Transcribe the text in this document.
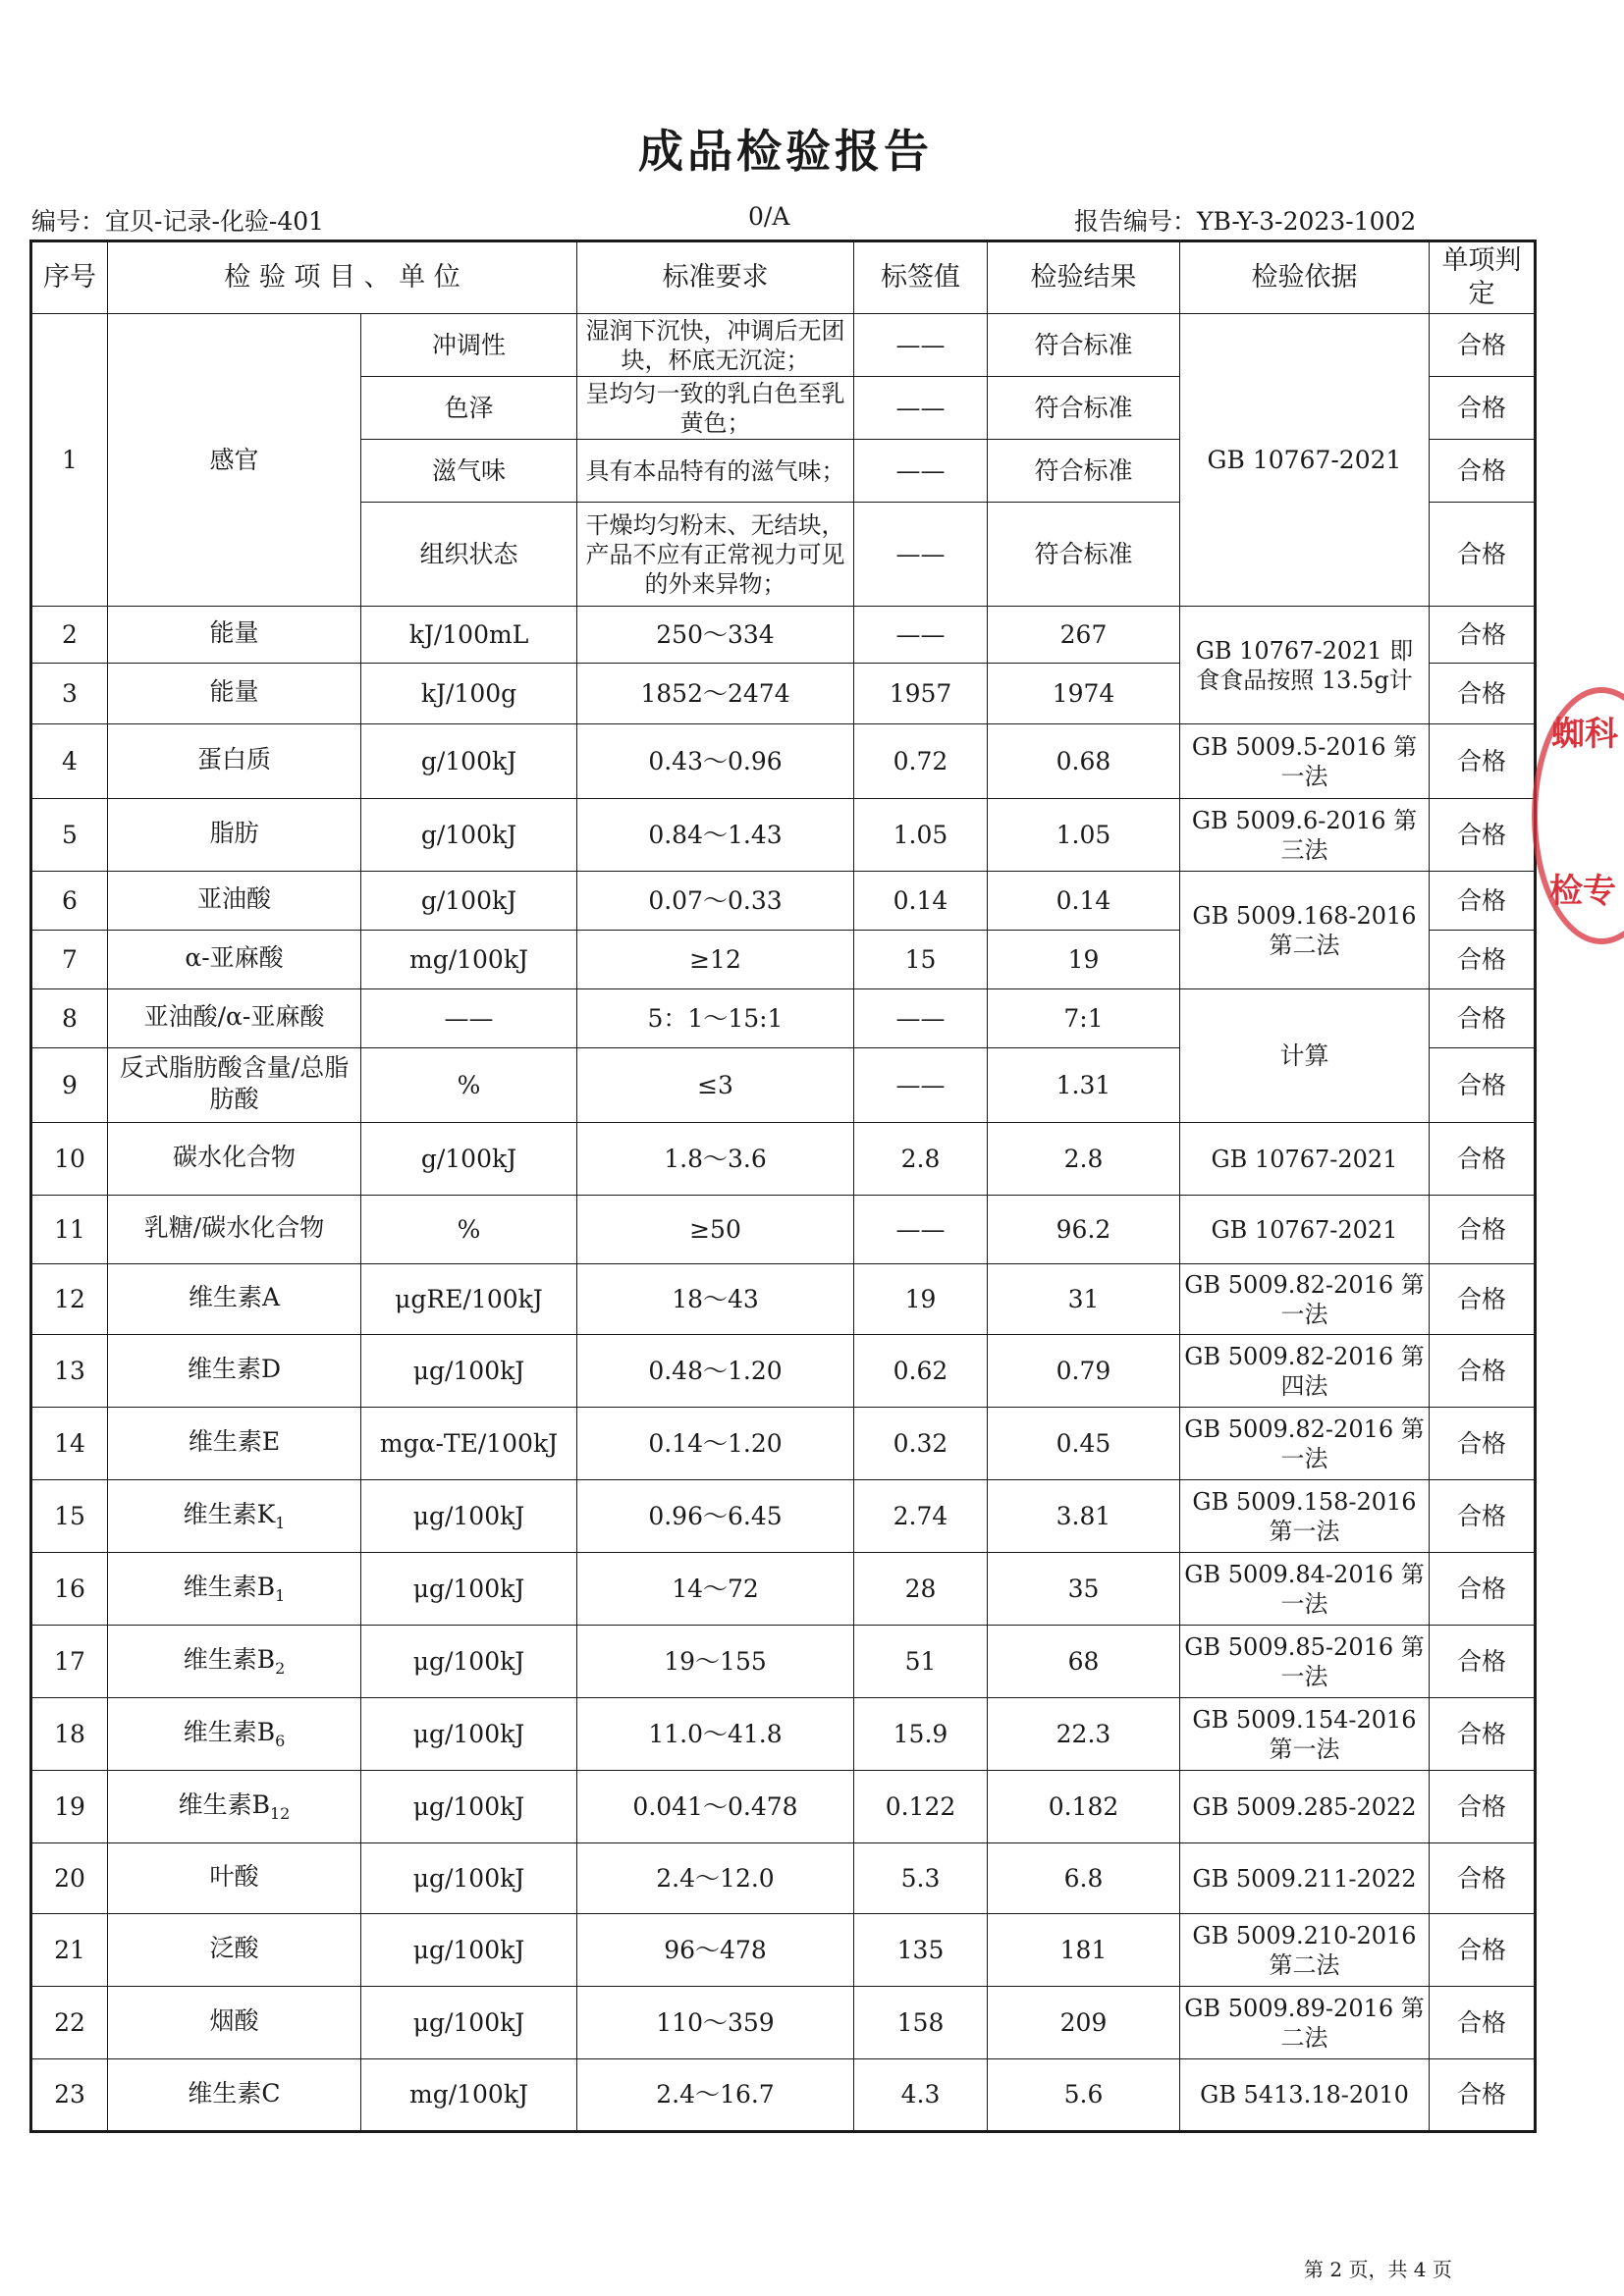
成品检验报告
编号：宜贝-记录-化验-401	0/A	报告编号：YB-Y-3-2023-1002
序号	检 验 项 目 、 单 位		标准要求	标签值	检验结果	检验依据	单项判定
1	感官	冲调性	湿润下沉快，冲调后无团块，杯底无沉淀；	——	符合标准	GB 10767-2021	合格
		色泽	呈均匀一致的乳白色至乳黄色；	——	符合标准		合格
		滋气味	具有本品特有的滋气味；	——	符合标准		合格
		组织状态	干燥均匀粉末、无结块，产品不应有正常视力可见的外来异物；	——	符合标准		合格
2	能量	kJ/100mL	250～334	——	267	GB 10767-2021 即食食品按照 13.5g计	合格
3	能量	kJ/100g	1852～2474	1957	1974		合格
4	蛋白质	g/100kJ	0.43～0.96	0.72	0.68	GB 5009.5-2016 第一法	合格
5	脂肪	g/100kJ	0.84～1.43	1.05	1.05	GB 5009.6-2016 第三法	合格
6	亚油酸	g/100kJ	0.07～0.33	0.14	0.14	GB 5009.168-2016 第二法	合格
7	α-亚麻酸	mg/100kJ	≥12	15	19		合格
8	亚油酸/α-亚麻酸	——	5：1～15:1	——	7:1	计算	合格
9	反式脂肪酸含量/总脂肪酸	%	≤3	——	1.31		合格
10	碳水化合物	g/100kJ	1.8～3.6	2.8	2.8	GB 10767-2021	合格
11	乳糖/碳水化合物	%	≥50	——	96.2	GB 10767-2021	合格
12	维生素A	μgRE/100kJ	18～43	19	31	GB 5009.82-2016 第一法	合格
13	维生素D	μg/100kJ	0.48～1.20	0.62	0.79	GB 5009.82-2016 第四法	合格
14	维生素E	mgα-TE/100kJ	0.14～1.20	0.32	0.45	GB 5009.82-2016 第一法	合格
15	维生素$K_1$	μg/100kJ	0.96～6.45	2.74	3.81	GB 5009.158-2016 第一法	合格
16	维生素$B_1$	μg/100kJ	14～72	28	35	GB 5009.84-2016 第一法	合格
17	维生素$B_2$	μg/100kJ	19～155	51	68	GB 5009.85-2016 第一法	合格
18	维生素$B_6$	μg/100kJ	11.0～41.8	15.9	22.3	GB 5009.154-2016 第一法	合格
19	维生素$B_{12}$	μg/100kJ	0.041～0.478	0.122	0.182	GB 5009.285-2022	合格
20	叶酸	μg/100kJ	2.4～12.0	5.3	6.8	GB 5009.211-2022	合格
21	泛酸	μg/100kJ	96～478	135	181	GB 5009.210-2016 第二法	合格
22	烟酸	μg/100kJ	110～359	158	209	GB 5009.89-2016 第二法	合格
23	维生素C	mg/100kJ	2.4～16.7	4.3	5.6	GB 5413.18-2010	合格
蜘科
检专
第 2 页，共 4 页
